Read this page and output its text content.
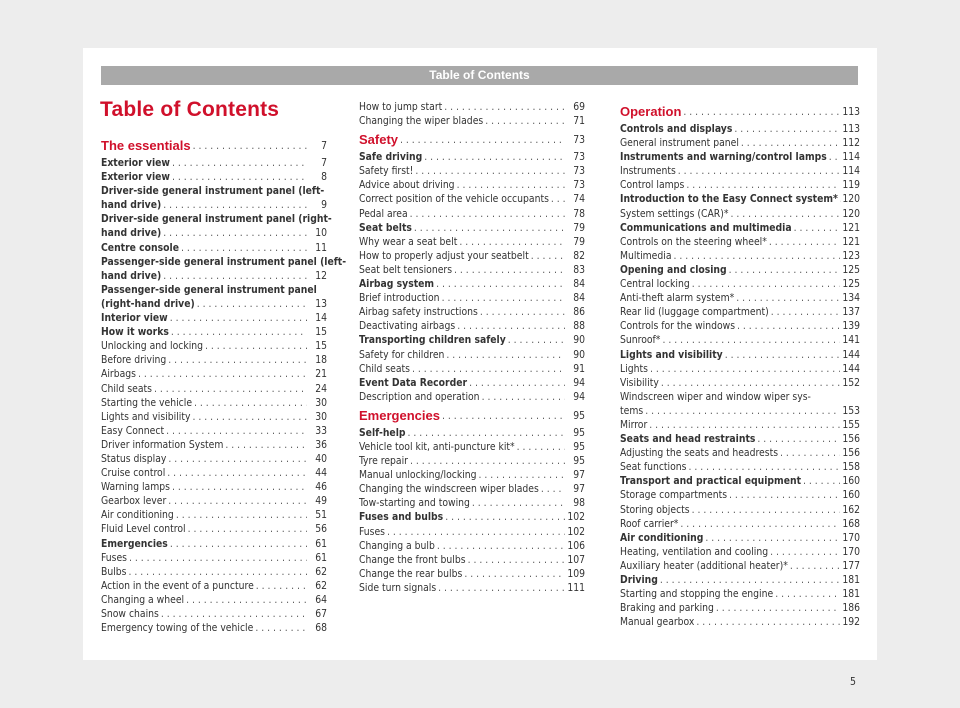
Table of Contents
Table of Contents
The essentials . . .	7
Exterior view . . .	7
Exterior view . . .	8
Driver-side general instrument panel (left-
hand drive) . . .	9
Driver-side general instrument panel (right-
hand drive) . . .	10
Centre console . . .	11
Passenger-side general instrument panel (left-
hand drive) . . .	12
Passenger-side general instrument panel
(right-hand drive) . . .	13
Interior view . . .	14
How it works . . .	15
Unlocking and locking . . .	15
Before driving . . .	18
Airbags . . .	21
Child seats . . .	24
Starting the vehicle . . .	30
Lights and visibility . . .	30
Easy Connect . . .	33
Driver information System . . .	36
Status display . . .	40
Cruise control . . .	44
Warning lamps . . .	46
Gearbox lever . . .	49
Air conditioning . . .	51
Fluid Level control . . .	56
Emergencies . . .	61
Fuses . . .	61
Bulbs . . .	62
Action in the event of a puncture . . .	62
Changing a wheel . . .	64
Snow chains . . .	67
Emergency towing of the vehicle . . .	68
How to jump start . . .	69
Changing the wiper blades . . .	71
Safety . . .	73
Safe driving . . .	73
Safety first! . . .	73
Advice about driving . . .	73
Correct position of the vehicle occupants . . .	74
Pedal area . . .	78
Seat belts . . .	79
Why wear a seat belt . . .	79
How to properly adjust your seatbelt . . .	82
Seat belt tensioners . . .	83
Airbag system . . .	84
Brief introduction . . .	84
Airbag safety instructions . . .	86
Deactivating airbags . . .	88
Transporting children safely . . .	90
Safety for children . . .	90
Child seats . . .	91
Event Data Recorder . . .	94
Description and operation . . .	94
Emergencies . . .	95
Self-help . . .	95
Vehicle tool kit, anti-puncture kit* . . .	95
Tyre repair . . .	95
Manual unlocking/locking . . .	97
Changing the windscreen wiper blades . . .	97
Tow-starting and towing . . .	98
Fuses and bulbs . . .	102
Fuses . . .	102
Changing a bulb . . .	106
Change the front bulbs . . .	107
Change the rear bulbs . . .	109
Side turn signals . . .	111
Operation . . .	113
Controls and displays . . .	113
General instrument panel . . .	112
Instruments and warning/control lamps . . . 114
Instruments . . .	114
Control lamps . . .	119
Introduction to the Easy Connect system* . . . 120
System settings (CAR)* . . .	120
Communications and multimedia . . .	121
Controls on the steering wheel* . . .	121
Multimedia . . .	123
Opening and closing . . .	125
Central locking . . .	125
Anti-theft alarm system* . . .	134
Rear lid (luggage compartment) . . .	137
Controls for the windows . . .	139
Sunroof* . . .	141
Lights and visibility . . .	144
Lights . . .	144
Visibility . . .	152
Windscreen wiper and window wiper sys-
tems . . .	153
Mirror . . .	155
Seats and head restraints . . .	156
Adjusting the seats and headrests . . .	156
Seat functions . . .	158
Transport and practical equipment . . .	160
Storage compartments . . .	160
Storing objects . . .	162
Roof carrier* . . .	168
Air conditioning . . .	170
Heating, ventilation and cooling . . .	170
Auxiliary heater (additional heater)* . . .	177
Driving . . .	181
Starting and stopping the engine . . .	181
Braking and parking . . .	186
Manual gearbox . . .	192
5
